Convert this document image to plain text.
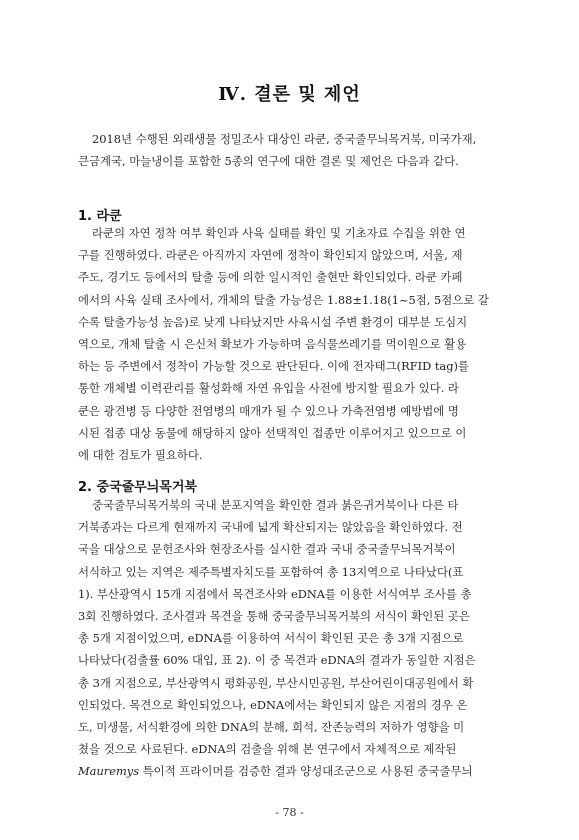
Ⅳ. 결론 및 제언

2018년 수행된 외래생물 정밀조사 대상인 라쿤, 중국줄무늬목거북, 미국가재,
큰금계국, 마늘냉이를 포함한 5종의 연구에 대한 결론 및 제언은 다음과 같다.

1. 라쿤

라쿤의 자연 정착 여부 확인과 사육 실태를 확인 및 기초자료 수집을 위한 연
구를 진행하였다. 라쿤은 아직까지 자연에 정착이 확인되지 않았으며, 서울, 제
주도, 경기도 등에서의 탈출 등에 의한 일시적인 출현만 확인되었다. 라쿤 카페
에서의 사육 실태 조사에서, 개체의 탈출 가능성은 1.88±1.18(1~5점, 5점으로 갈
수록 탈출가능성 높음)로 낮게 나타났지만 사육시설 주변 환경이 대부분 도심지
역으로, 개체 탈출 시 은신처 확보가 가능하며 음식물쓰레기를 먹이원으로 활용
하는 등 주변에서 정착이 가능할 것으로 판단된다. 이에 전자태그(RFID tag)를
통한 개체별 이력관리를 활성화해 자연 유입을 사전에 방지할 필요가 있다. 라
쿤은 광견병 등 다양한 전염병의 매개가 될 수 있으나 가축전염병 예방법에 명
시된 접종 대상 동물에 해당하지 않아 선택적인 접종만 이루어지고 있으므로 이
에 대한 검토가 필요하다.

2. 중국줄무늬목거북

중국줄무늬목거북의 국내 분포지역을 확인한 결과 붉은귀거북이나 다른 타
거북종과는 다르게 현재까지 국내에 넓게 확산되지는 않았음을 확인하였다. 전
국을 대상으로 문헌조사와 현장조사를 실시한 결과 국내 중국줄무늬목거북이
서식하고 있는 지역은 제주특별자치도를 포함하여 총 13지역으로 나타났다(표
1). 부산광역시 15개 지점에서 목견조사와 eDNA를 이용한 서식여부 조사를 총
3회 진행하였다. 조사결과 목견을 통해 중국줄무늬목거북의 서식이 확인된 곳은
총 5개 지점이었으며, eDNA를 이용하여 서식이 확인된 곳은 총 3개 지점으로
나타났다(검출률 60% 대입, 표 2). 이 중 목견과 eDNA의 결과가 동일한 지점은
총 3개 지점으로, 부산광역시 평화공원, 부산시민공원, 부산어린이대공원에서 확
인되었다. 목견으로 확인되었으나, eDNA에서는 확인되지 않은 지점의 경우 온
도, 미생물, 서식환경에 의한 DNA의 분해, 희석, 잔존능력의 저하가 영향을 미
쳤을 것으로 사료된다. eDNA의 검출을 위해 본 연구에서 자체적으로 제작된
Mauremys 특이적 프라이머를 검증한 결과 양성대조군으로 사용된 중국줄무늬

- 78 -
